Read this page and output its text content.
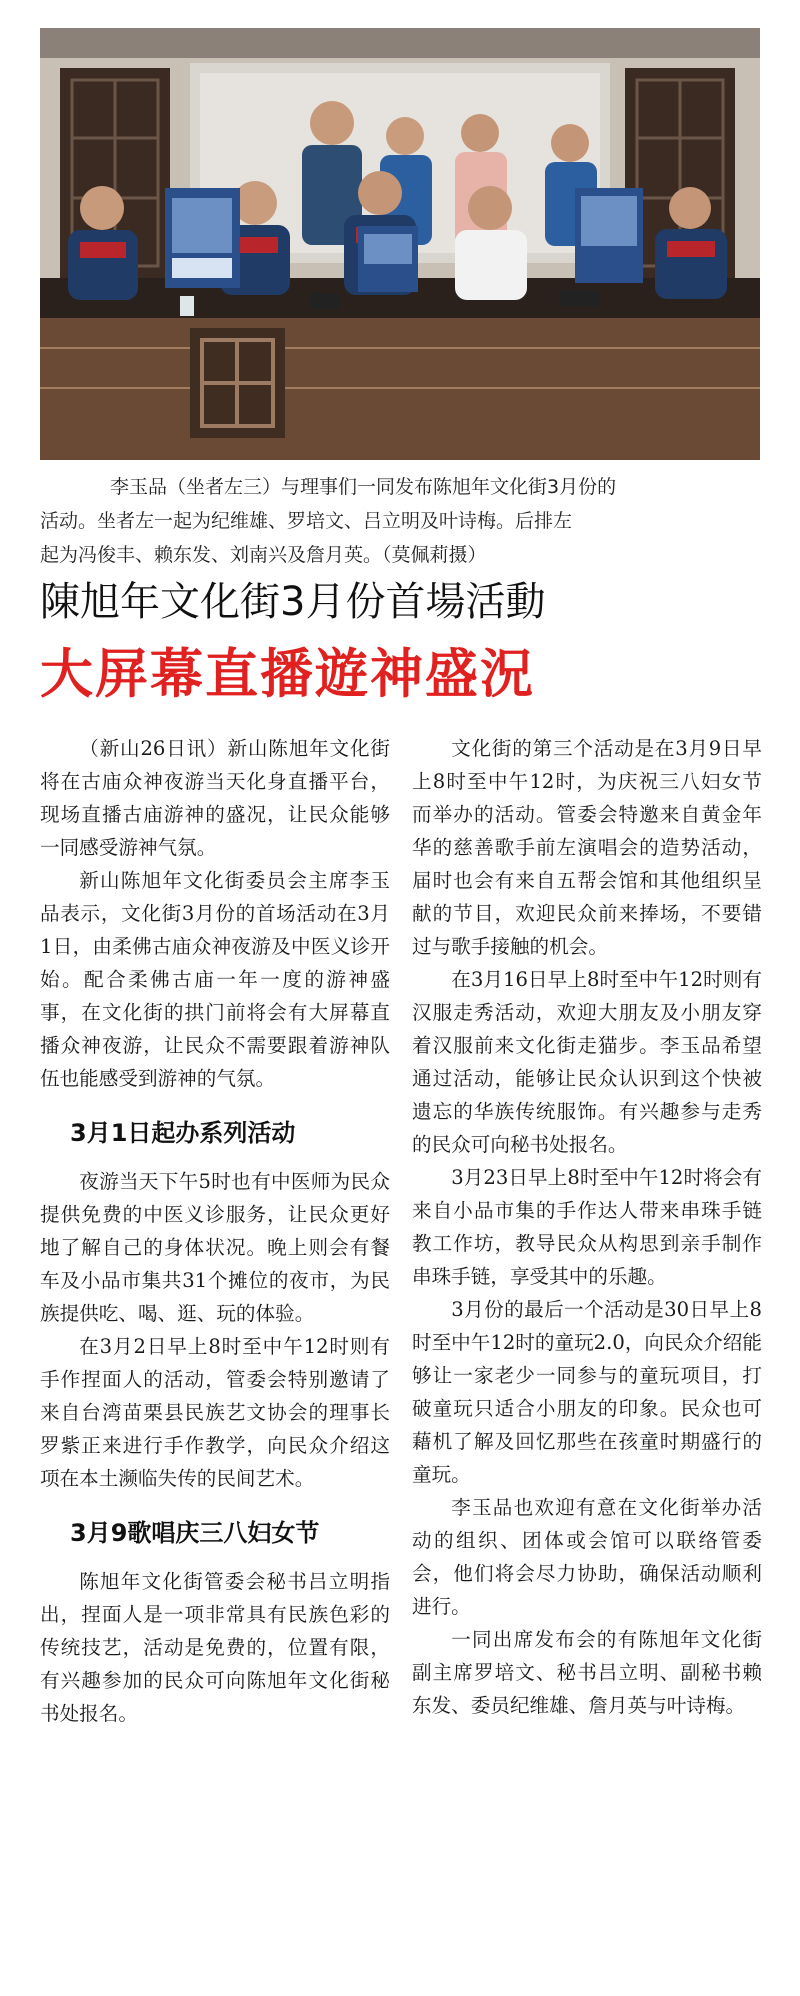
李玉品（坐者左三）与理事们一同发布陈旭年文化街3月份的

活动。坐者左一起为纪维雄、罗培文、吕立明及叶诗梅。后排左

起为冯俊丰、赖东发、刘南兴及詹月英。（莫佩莉摄）

陳旭年文化街3月份首場活動
大屏幕直播遊神盛況

（新山26日讯）新山陈旭年文化街将在古庙众神夜游当天化身直播平台，现场直播古庙游神的盛况，让民众能够一同感受游神气氛。

新山陈旭年文化街委员会主席李玉品表示，文化街3月份的首场活动在3月1日，由柔佛古庙众神夜游及中医义诊开始。配合柔佛古庙一年一度的游神盛事，在文化街的拱门前将会有大屏幕直播众神夜游，让民众不需要跟着游神队伍也能感受到游神的气氛。

3月1日起办系列活动

夜游当天下午5时也有中医师为民众提供免费的中医义诊服务，让民众更好地了解自己的身体状况。晚上则会有餐车及小品市集共31个摊位的夜市，为民族提供吃、喝、逛、玩的体验。

在3月2日早上8时至中午12时则有手作捏面人的活动，管委会特别邀请了来自台湾苗栗县民族艺文协会的理事长罗紫正来进行手作教学，向民众介绍这项在本土濒临失传的民间艺术。

3月9歌唱庆三八妇女节

陈旭年文化街管委会秘书吕立明指出，捏面人是一项非常具有民族色彩的传统技艺，活动是免费的，位置有限，有兴趣参加的民众可向陈旭年文化街秘书处报名。

文化街的第三个活动是在3月9日早上8时至中午12时，为庆祝三八妇女节而举办的活动。管委会特邀来自黄金年华的慈善歌手前左演唱会的造势活动，届时也会有来自五帮会馆和其他组织呈献的节目，欢迎民众前来捧场，不要错过与歌手接触的机会。

在3月16日早上8时至中午12时则有汉服走秀活动，欢迎大朋友及小朋友穿着汉服前来文化街走猫步。李玉品希望通过活动，能够让民众认识到这个快被遗忘的华族传统服饰。有兴趣参与走秀的民众可向秘书处报名。

3月23日早上8时至中午12时将会有来自小品市集的手作达人带来串珠手链教工作坊，教导民众从构思到亲手制作串珠手链，享受其中的乐趣。

3月份的最后一个活动是30日早上8时至中午12时的童玩2.0，向民众介绍能够让一家老少一同参与的童玩项目，打破童玩只适合小朋友的印象。民众也可藉机了解及回忆那些在孩童时期盛行的童玩。

李玉品也欢迎有意在文化街举办活动的组织、团体或会馆可以联络管委会，他们将会尽力协助，确保活动顺利进行。

一同出席发布会的有陈旭年文化街副主席罗培文、秘书吕立明、副秘书赖东发、委员纪维雄、詹月英与叶诗梅。
